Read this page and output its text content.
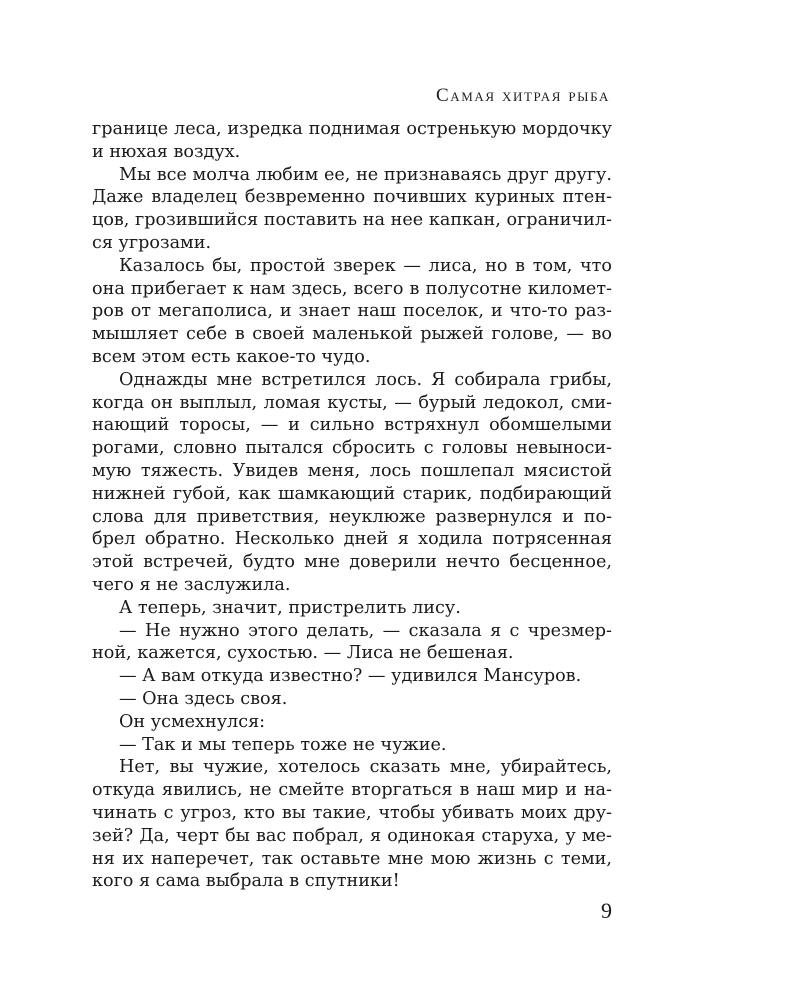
Самая хитрая рыба
границе леса, изредка поднимая остренькую мордочку
и нюхая воздух.
Мы все молча любим ее, не признаваясь друг другу.
Даже владелец безвременно почивших куриных птен-
цов, грозившийся поставить на нее капкан, ограничил-
ся угрозами.
Казалось бы, простой зверек — лиса, но в том, что
она прибегает к нам здесь, всего в полусотне километ-
ров от мегаполиса, и знает наш поселок, и что-то раз-
мышляет себе в своей маленькой рыжей голове, — во
всем этом есть какое-то чудо.
Однажды мне встретился лось. Я собирала грибы,
когда он выплыл, ломая кусты, — бурый ледокол, сми-
нающий торосы, — и сильно встряхнул обомшелыми
рогами, словно пытался сбросить с головы невыноси-
мую тяжесть. Увидев меня, лось пошлепал мясистой
нижней губой, как шамкающий старик, подбирающий
слова для приветствия, неуклюже развернулся и по-
брел обратно. Несколько дней я ходила потрясенная
этой встречей, будто мне доверили нечто бесценное,
чего я не заслужила.
А теперь, значит, пристрелить лису.
— Не нужно этого делать, — сказала я с чрезмер-
ной, кажется, сухостью. — Лиса не бешеная.
— А вам откуда известно? — удивился Мансуров.
— Она здесь своя.
Он усмехнулся:
— Так и мы теперь тоже не чужие.
Нет, вы чужие, хотелось сказать мне, убирайтесь,
откуда явились, не смейте вторгаться в наш мир и на-
чинать с угроз, кто вы такие, чтобы убивать моих дру-
зей? Да, черт бы вас побрал, я одинокая старуха, у ме-
ня их наперечет, так оставьте мне мою жизнь с теми,
кого я сама выбрала в спутники!
9
